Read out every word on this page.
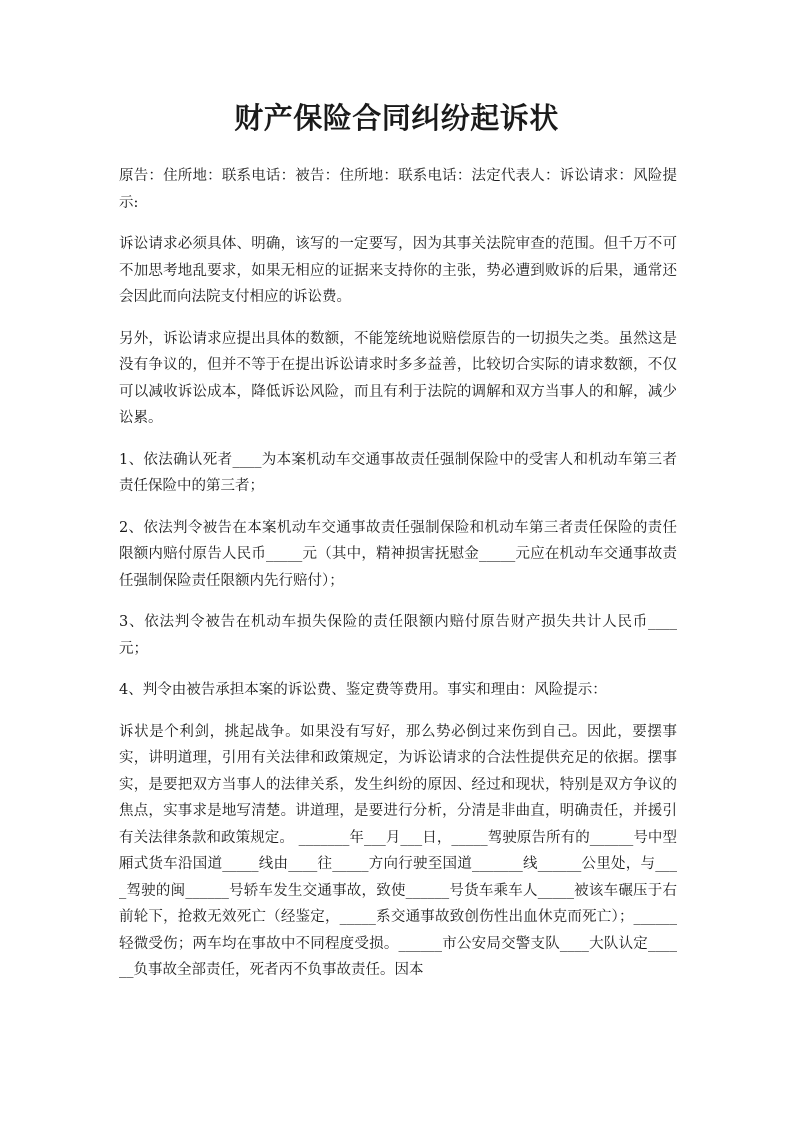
财产保险合同纠纷起诉状

原告：住所地：联系电话：被告：住所地：联系电话：法定代表人：诉讼请求：风险提示:

诉讼请求必须具体、明确，该写的一定要写，因为其事关法院审查的范围。但千万不可不加思考地乱要求，如果无相应的证据来支持你的主张，势必遭到败诉的后果，通常还会因此而向法院支付相应的诉讼费。

另外，诉讼请求应提出具体的数额，不能笼统地说赔偿原告的一切损失之类。虽然这是没有争议的，但并不等于在提出诉讼请求时多多益善，比较切合实际的请求数额，不仅可以减收诉讼成本，降低诉讼风险，而且有利于法院的调解和双方当事人的和解，减少讼累。

1、依法确认死者____为本案机动车交通事故责任强制保险中的受害人和机动车第三者责任保险中的第三者；

2、依法判令被告在本案机动车交通事故责任强制保险和机动车第三者责任保险的责任限额内赔付原告人民币_____元（其中，精神损害抚慰金_____元应在机动车交通事故责任强制保险责任限额内先行赔付）；

3、依法判令被告在机动车损失保险的责任限额内赔付原告财产损失共计人民币____元；

4、判令由被告承担本案的诉讼费、鉴定费等费用。事实和理由：风险提示：

诉状是个利剑，挑起战争。如果没有写好，那么势必倒过来伤到自己。因此，要摆事实，讲明道理，引用有关法律和政策规定，为诉讼请求的合法性提供充足的依据。摆事实，是要把双方当事人的法律关系，发生纠纷的原因、经过和现状，特别是双方争议的焦点，实事求是地写清楚。讲道理，是要进行分析，分清是非曲直，明确责任，并援引有关法律条款和政策规定。 _______年___月___日，_____驾驶原告所有的______号中型厢式货车沿国道_____线由____往_____方向行驶至国道_______线______公里处，与____驾驶的闽______号轿车发生交通事故，致使______号货车乘车人_____被该车碾压于右前轮下，抢救无效死亡（经鉴定，_____系交通事故致创伤性出血休克而死亡）；______轻微受伤；两车均在事故中不同程度受损。______市公安局交警支队____大队认定______负事故全部责任，死者丙不负事故责任。因本
